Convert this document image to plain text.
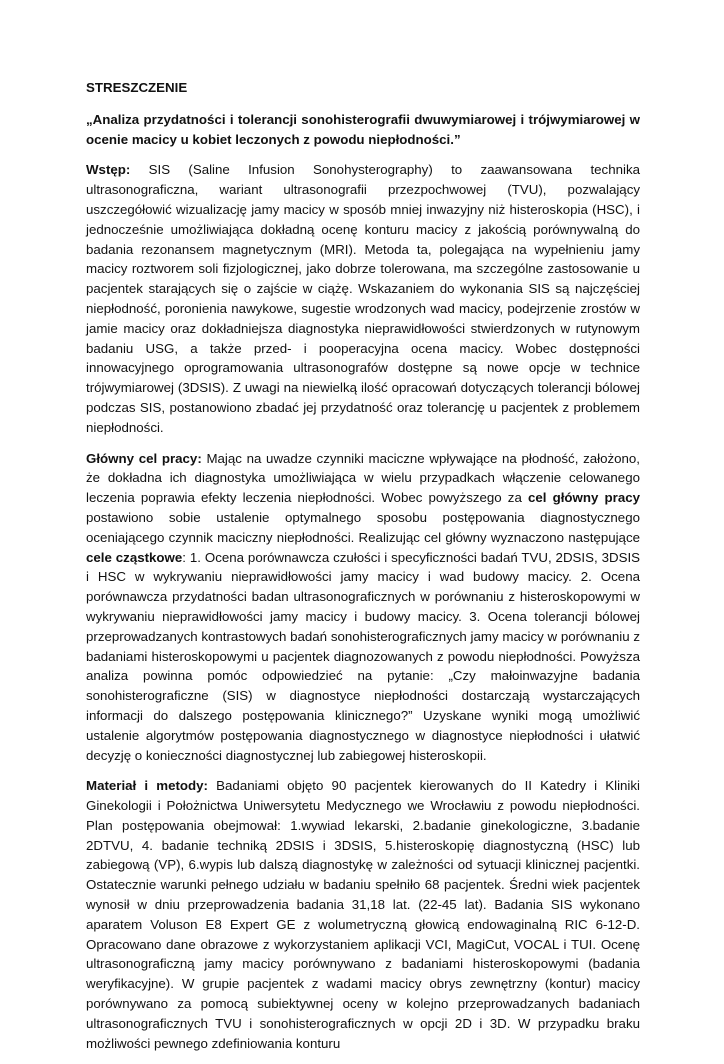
STRESZCZENIE
„Analiza przydatności i tolerancji sonohisterografii dwuwymiarowej i trójwymiarowej w ocenie macicy u kobiet leczonych z powodu niepłodności.”

Wstęp: SIS (Saline Infusion Sonohysterography) to zaawansowana technika ultrasonograficzna, wariant ultrasonografii przezpochwowej (TVU), pozwalający uszczegółowić wizualizację jamy macicy w sposób mniej inwazyjny niż histeroskopia (HSC), i jednocześnie umożliwiająca dokładną ocenę konturu macicy z jakością porównywalną do badania rezonansem magnetycznym (MRI). Metoda ta, polegająca na wypełnieniu jamy macicy roztworem soli fizjologicznej, jako dobrze tolerowana, ma szczególne zastosowanie u pacjentek starających się o zajście w ciążę. Wskazaniem do wykonania SIS są najczęściej niepłodność, poronienia nawykowe, sugestie wrodzonych wad macicy, podejrzenie zrostów w jamie macicy oraz dokładniejsza diagnostyka nieprawidłowości stwierdzonych w rutynowym badaniu USG, a także przed- i pooperacyjna ocena macicy. Wobec dostępności innowacyjnego oprogramowania ultrasonografów dostępne są nowe opcje w technice trójwymiarowej (3DSIS). Z uwagi na niewielką ilość opracowań dotyczących tolerancji bólowej podczas SIS, postanowiono zbadać jej przydatność oraz tolerancję u pacjentek z problemem niepłodności.

Główny cel pracy: Mając na uwadze czynniki maciczne wpływające na płodność, założono, że dokładna ich diagnostyka umożliwiająca w wielu przypadkach włączenie celowanego leczenia poprawia efekty leczenia niepłodności. Wobec powyższego za cel główny pracy postawiono sobie ustalenie optymalnego sposobu postępowania diagnostycznego oceniającego czynnik maciczny niepłodności. Realizując cel główny wyznaczono następujące cele cząstkowe: 1. Ocena porównawcza czułości i specyficzności badań TVU, 2DSIS, 3DSIS i HSC w wykrywaniu nieprawidłowości jamy macicy i wad budowy macicy. 2. Ocena porównawcza przydatności badan ultrasonograficznych w porównaniu z histeroskopowymi w wykrywaniu nieprawidłowości jamy macicy i budowy macicy. 3. Ocena tolerancji bólowej przeprowadzanych kontrastowych badań sonohisterograficznych jamy macicy w porównaniu z badaniami histeroskopowymi u pacjentek diagnozowanych z powodu niepłodności. Powyższa analiza powinna pomóc odpowiedzieć na pytanie: „Czy małoinwazyjne badania sonohisterograficzne (SIS) w diagnostyce niepłodności dostarczają wystarczających informacji do dalszego postępowania klinicznego?” Uzyskane wyniki mogą umożliwić ustalenie algorytmów postępowania diagnostycznego w diagnostyce niepłodności i ułatwić decyzję o konieczności diagnostycznej lub zabiegowej histeroskopii.

Materiał i metody: Badaniami objęto 90 pacjentek kierowanych do II Katedry i Kliniki Ginekologii i Położnictwa Uniwersytetu Medycznego we Wrocławiu z powodu niepłodności. Plan postępowania obejmował: 1.wywiad lekarski, 2.badanie ginekologiczne, 3.badanie 2DTVU, 4. badanie techniką 2DSIS i 3DSIS, 5.histeroskopię diagnostyczną (HSC) lub zabiegową (VP), 6.wypis lub dalszą diagnostykę w zależności od sytuacji klinicznej pacjentki. Ostatecznie warunki pełnego udziału w badaniu spełniło 68 pacjentek. Średni wiek pacjentek wynosił w dniu przeprowadzenia badania 31,18 lat. (22-45 lat). Badania SIS wykonano aparatem Voluson E8 Expert GE z wolumetryczną głowicą endowaginalną RIC 6-12-D. Opracowano dane obrazowe z wykorzystaniem aplikacji VCI, MagiCut, VOCAL i TUI. Ocenę ultrasonograficzną jamy macicy porównywano z badaniami histeroskopowymi (badania weryfikacyjne). W grupie pacjentek z wadami macicy obrys zewnętrzny (kontur) macicy porównywano za pomocą subiektywnej oceny w kolejno przeprowadzanych badaniach ultrasonograficznych TVU i sonohisterograficznych w opcji 2D i 3D. W przypadku braku możliwości pewnego zdefiniowania konturu
